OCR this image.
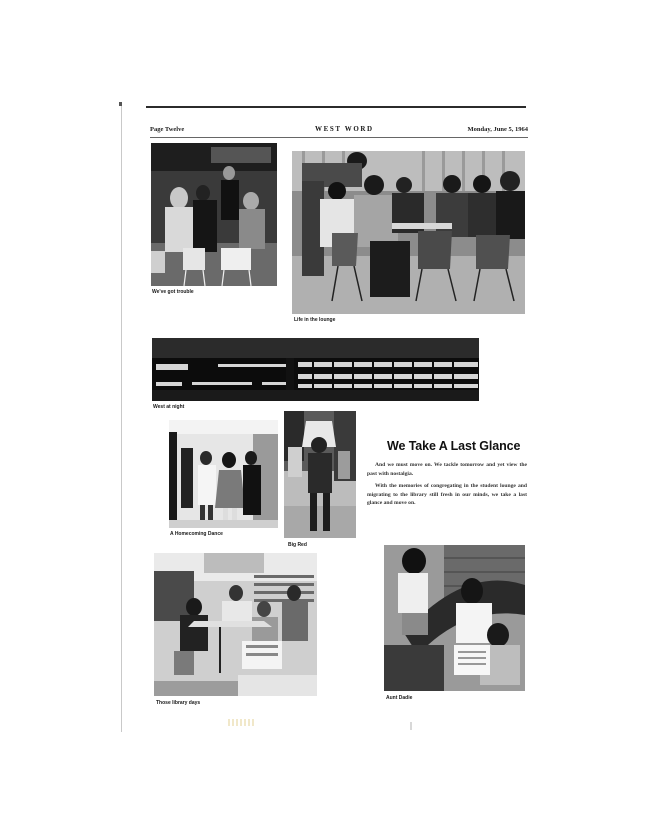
Page Twelve	WEST WORD	Monday, June 5, 1964
We've got trouble
Life in the lounge
West at night
A Homecoming Dance
Big Red
We Take A Last Glance

And we must move on. We tackle tomorrow and yet view the past with nostalgia.

With the memories of congregating in the student lounge and migrating to the library still fresh in our minds, we take a last glance and move on.

Those library days
Aunt Dadie
